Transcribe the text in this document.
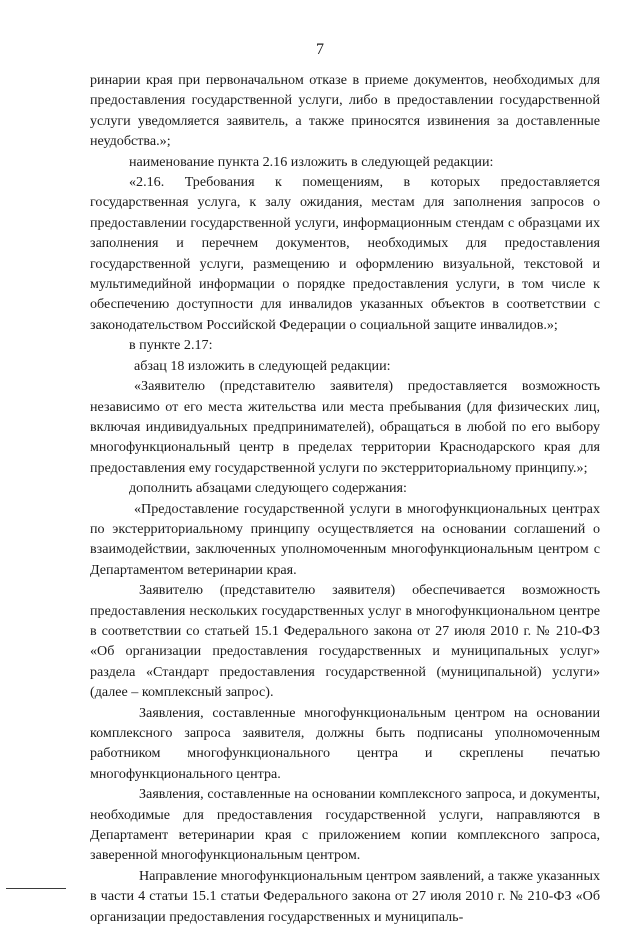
7

ринарии края при первоначальном отказе в приеме документов, необходимых для предоставления государственной услуги, либо в предоставлении государственной услуги уведомляется заявитель, а также приносятся извинения за доставленные неудобства.»;

наименование пункта 2.16 изложить в следующей редакции:

«2.16. Требования к помещениям, в которых предоставляется государственная услуга, к залу ожидания, местам для заполнения запросов о предоставлении государственной услуги, информационным стендам с образцами их заполнения и перечнем документов, необходимых для предоставления государственной услуги, размещению и оформлению визуальной, текстовой и мультимедийной информации о порядке предоставления услуги, в том числе к обеспечению доступности для инвалидов указанных объектов в соответствии с законодательством Российской Федерации о социальной защите инвалидов.»;

в пункте 2.17:

абзац 18 изложить в следующей редакции:

«Заявителю (представителю заявителя) предоставляется возможность независимо от его места жительства или места пребывания (для физических лиц, включая индивидуальных предпринимателей), обращаться в любой по его выбору многофункциональный центр в пределах территории Краснодарского края для предоставления ему государственной услуги по экстерриториальному принципу.»;

дополнить абзацами следующего содержания:

«Предоставление государственной услуги в многофункциональных центрах по экстерриториальному принципу осуществляется на основании соглашений о взаимодействии, заключенных уполномоченным многофункциональным центром с Департаментом ветеринарии края.

Заявителю (представителю заявителя) обеспечивается возможность предоставления нескольких государственных услуг в многофункциональном центре в соответствии со статьей 15.1 Федерального закона от 27 июля 2010 г. № 210-ФЗ «Об организации предоставления государственных и муниципальных услуг» раздела «Стандарт предоставления государственной (муниципальной) услуги» (далее – комплексный запрос).

Заявления, составленные многофункциональным центром на основании комплексного запроса заявителя, должны быть подписаны уполномоченным работником многофункционального центра и скреплены печатью многофункционального центра.

Заявления, составленные на основании комплексного запроса, и документы, необходимые для предоставления государственной услуги, направляются в Департамент ветеринарии края с приложением копии комплексного запроса, заверенной многофункциональным центром.

Направление многофункциональным центром заявлений, а также указанных в части 4 статьи 15.1 статьи Федерального закона от 27 июля 2010 г. № 210-ФЗ «Об организации предоставления государственных и муниципаль-
